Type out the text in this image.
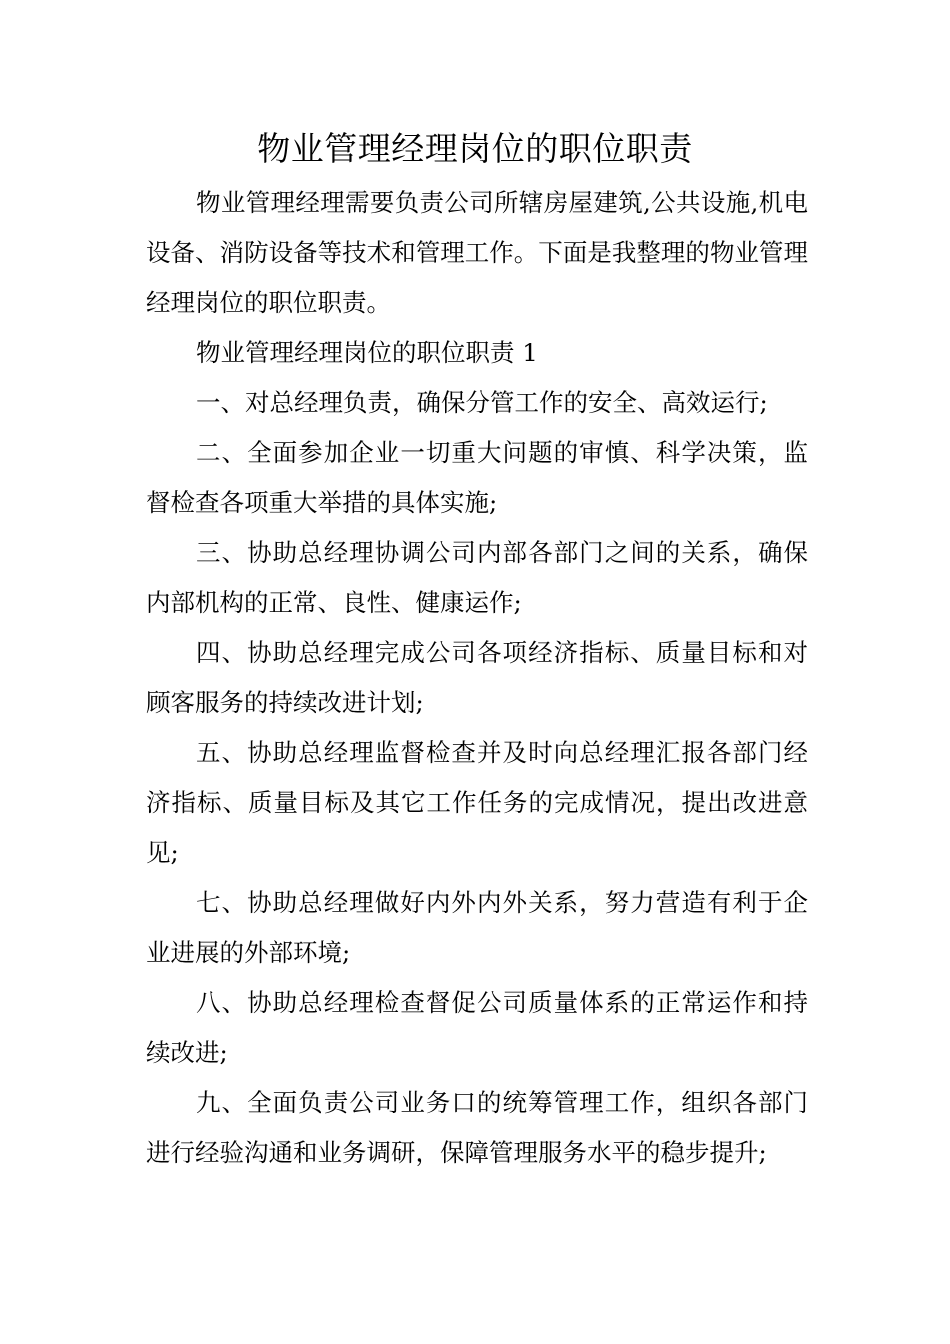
物业管理经理岗位的职位职责

物业管理经理需要负责公司所辖房屋建筑,公共设施,机电设备、消防设备等技术和管理工作。下面是我整理的物业管理经理岗位的职位职责。

物业管理经理岗位的职位职责 1

一、对总经理负责，确保分管工作的安全、高效运行;

二、全面参加企业一切重大问题的审慎、科学决策，监督检查各项重大举措的具体实施;

三、协助总经理协调公司内部各部门之间的关系，确保内部机构的正常、良性、健康运作;

四、协助总经理完成公司各项经济指标、质量目标和对顾客服务的持续改进计划;

五、协助总经理监督检查并及时向总经理汇报各部门经济指标、质量目标及其它工作任务的完成情况，提出改进意见;

七、协助总经理做好内外内外关系，努力营造有利于企业进展的外部环境;

八、协助总经理检查督促公司质量体系的正常运作和持续改进;

九、全面负责公司业务口的统筹管理工作，组织各部门进行经验沟通和业务调研，保障管理服务水平的稳步提升;
